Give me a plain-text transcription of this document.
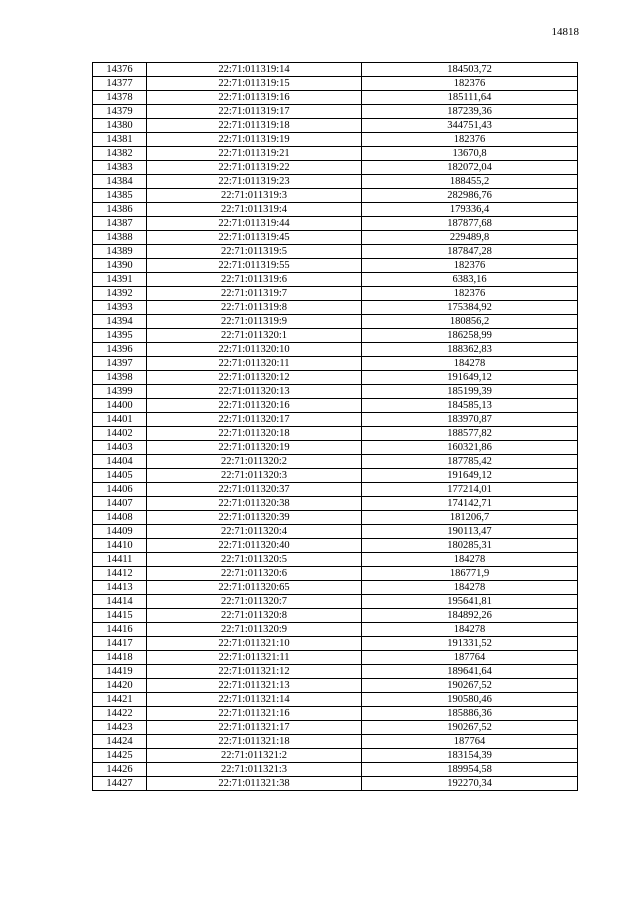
14818
14376	22:71:011319:14	184503,72
14377	22:71:011319:15	182376
14378	22:71:011319:16	185111,64
14379	22:71:011319:17	187239,36
14380	22:71:011319:18	344751,43
14381	22:71:011319:19	182376
14382	22:71:011319:21	13670,8
14383	22:71:011319:22	182072,04
14384	22:71:011319:23	188455,2
14385	22:71:011319:3	282986,76
14386	22:71:011319:4	179336,4
14387	22:71:011319:44	187877,68
14388	22:71:011319:45	229489,8
14389	22:71:011319:5	187847,28
14390	22:71:011319:55	182376
14391	22:71:011319:6	6383,16
14392	22:71:011319:7	182376
14393	22:71:011319:8	175384,92
14394	22:71:011319:9	180856,2
14395	22:71:011320:1	186258,99
14396	22:71:011320:10	188362,83
14397	22:71:011320:11	184278
14398	22:71:011320:12	191649,12
14399	22:71:011320:13	185199,39
14400	22:71:011320:16	184585,13
14401	22:71:011320:17	183970,87
14402	22:71:011320:18	188577,82
14403	22:71:011320:19	160321,86
14404	22:71:011320:2	187785,42
14405	22:71:011320:3	191649,12
14406	22:71:011320:37	177214,01
14407	22:71:011320:38	174142,71
14408	22:71:011320:39	181206,7
14409	22:71:011320:4	190113,47
14410	22:71:011320:40	180285,31
14411	22:71:011320:5	184278
14412	22:71:011320:6	186771,9
14413	22:71:011320:65	184278
14414	22:71:011320:7	195641,81
14415	22:71:011320:8	184892,26
14416	22:71:011320:9	184278
14417	22:71:011321:10	191331,52
14418	22:71:011321:11	187764
14419	22:71:011321:12	189641,64
14420	22:71:011321:13	190267,52
14421	22:71:011321:14	190580,46
14422	22:71:011321:16	185886,36
14423	22:71:011321:17	190267,52
14424	22:71:011321:18	187764
14425	22:71:011321:2	183154,39
14426	22:71:011321:3	189954,58
14427	22:71:011321:38	192270,34
